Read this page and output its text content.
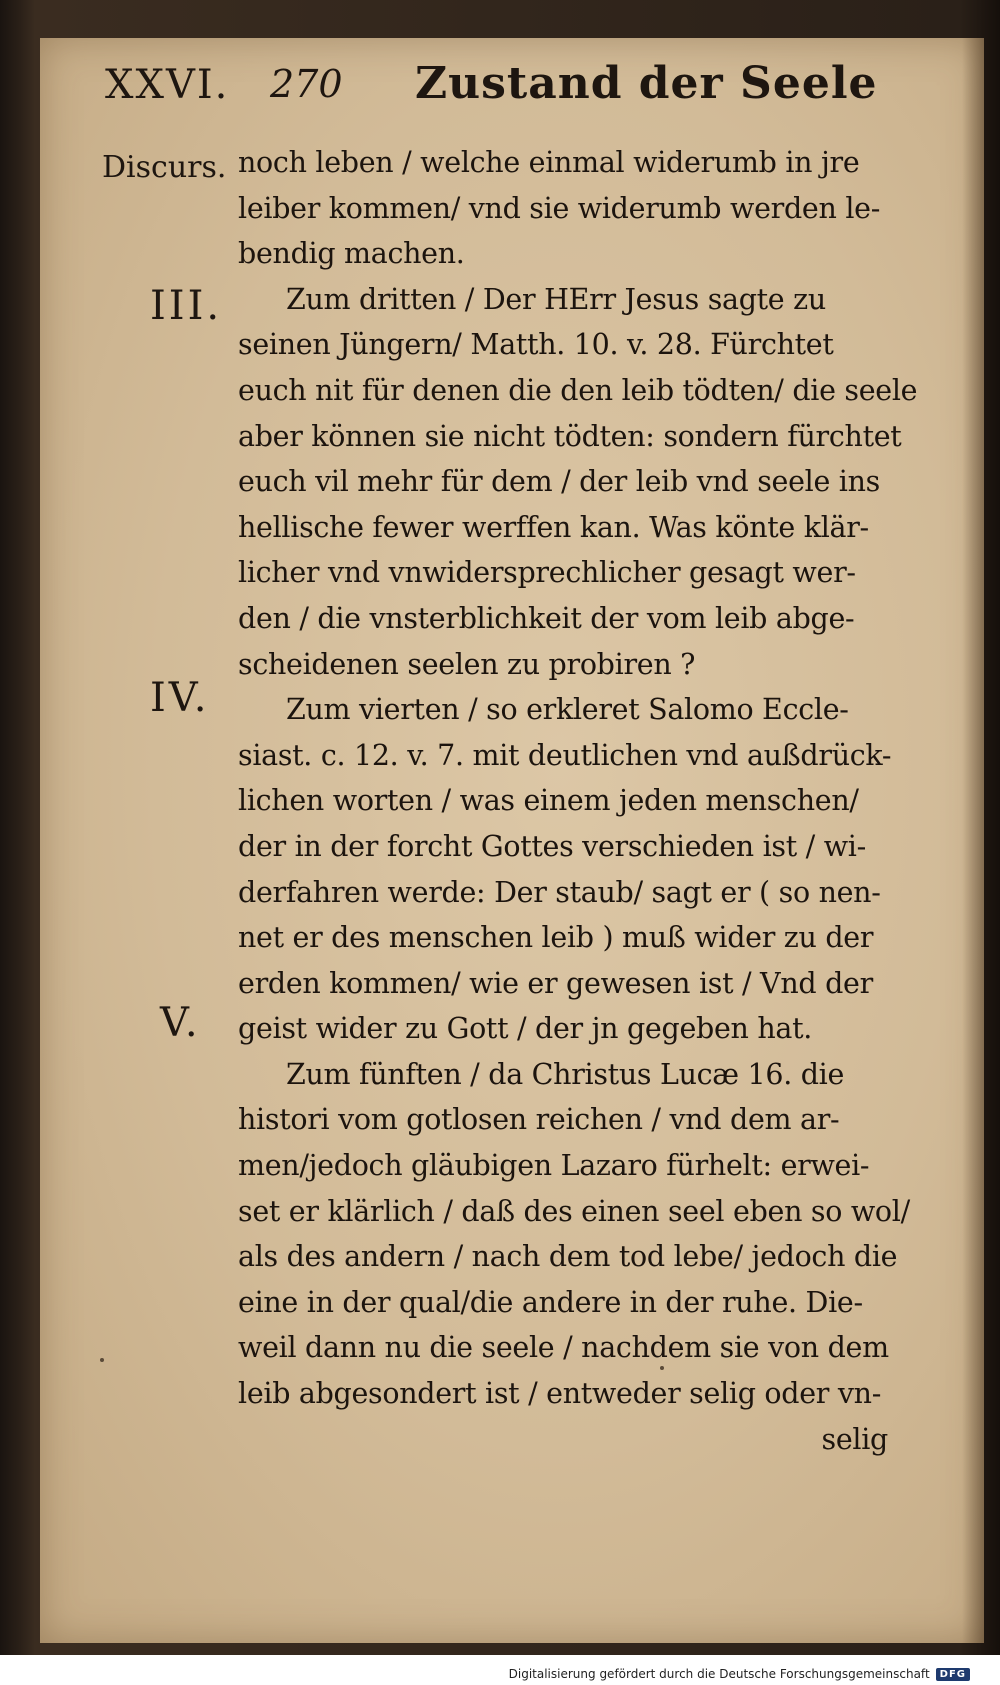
XXVI. 270 Zustand der Seele
Discurs.
III.
IV.
V.
noch leben / welche einmal widerumb in jre
leiber kommen/ vnd sie widerumb werden le-
bendig machen.
Zum dritten / Der HErr Jesus sagte zu
seinen Jüngern/ Matth. 10. v. 28. Fürchtet
euch nit für denen die den leib tödten/ die seele
aber können sie nicht tödten: sondern fürchtet
euch vil mehr für dem / der leib vnd seele ins
hellische fewer werffen kan. Was könte klär-
licher vnd vnwidersprechlicher gesagt wer-
den / die vnsterblichkeit der vom leib abge-
scheidenen seelen zu probiren ?
Zum vierten / so erkleret Salomo Eccle-
siast. c. 12. v. 7. mit deutlichen vnd außdrück-
lichen worten / was einem jeden menschen/
der in der forcht Gottes verschieden ist / wi-
derfahren werde: Der staub/ sagt er ( so nen-
net er des menschen leib ) muß wider zu der
erden kommen/ wie er gewesen ist / Vnd der
geist wider zu Gott / der jn gegeben hat.
Zum fünften / da Christus Lucæ 16. die
histori vom gotlosen reichen / vnd dem ar-
men/jedoch gläubigen Lazaro fürhelt: erwei-
set er klärlich / daß des einen seel eben so wol/
als des andern / nach dem tod lebe/ jedoch die
eine in der qual/die andere in der ruhe. Die-
weil dann nu die seele / nachdem sie von dem
leib abgesondert ist / entweder selig oder vn-
selig
Digitalisierung gefördert durch die Deutsche Forschungsgemeinschaft	DFG
